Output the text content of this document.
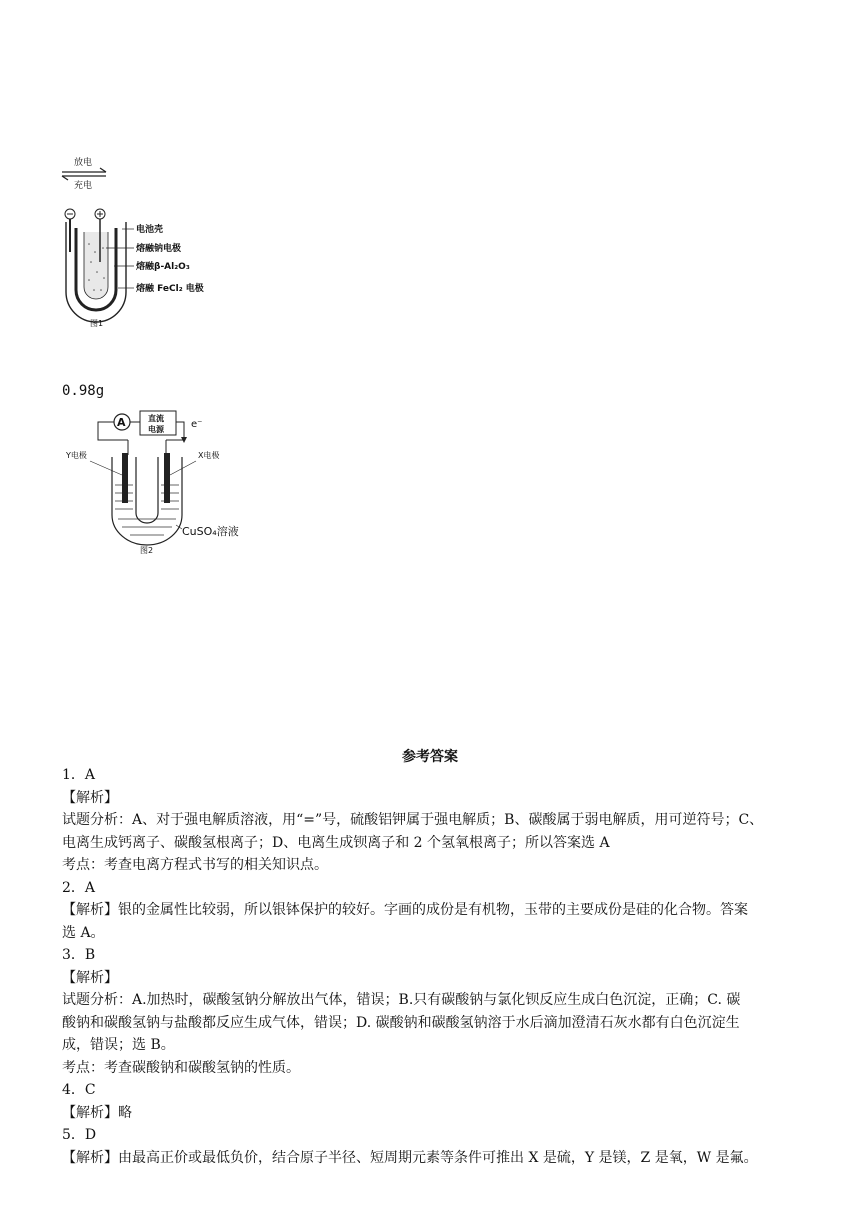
放电
充电
电池壳
熔融钠电极
熔融β-Al₂O₃
熔融 FeCl₂ 电极
图1
0.98g
A	直流
电源	e⁻
Y电极	X电极
CuSO₄溶液
图2
参考答案
1．A
【解析】
试题分析：A、对于强电解质溶液，用“=”号，硫酸铝钾属于强电解质；B、碳酸属于弱电解质，用可逆符号；C、
电离生成钙离子、碳酸氢根离子；D、电离生成钡离子和 2 个氢氧根离子；所以答案选 A
考点：考查电离方程式书写的相关知识点。
2．A
【解析】银的金属性比较弱，所以银钵保护的较好。字画的成份是有机物，玉带的主要成份是硅的化合物。答案
选 A。
3．B
【解析】
试题分析：A.加热时，碳酸氢钠分解放出气体，错误；B.只有碳酸钠与氯化钡反应生成白色沉淀，正确；C. 碳
酸钠和碳酸氢钠与盐酸都反应生成气体，错误；D. 碳酸钠和碳酸氢钠溶于水后滴加澄清石灰水都有白色沉淀生
成，错误；选 B。
考点：考查碳酸钠和碳酸氢钠的性质。
4．C
【解析】略
5．D
【解析】由最高正价或最低负价，结合原子半径、短周期元素等条件可推出 X 是硫，Y 是镁，Z 是氧，W 是氟。
